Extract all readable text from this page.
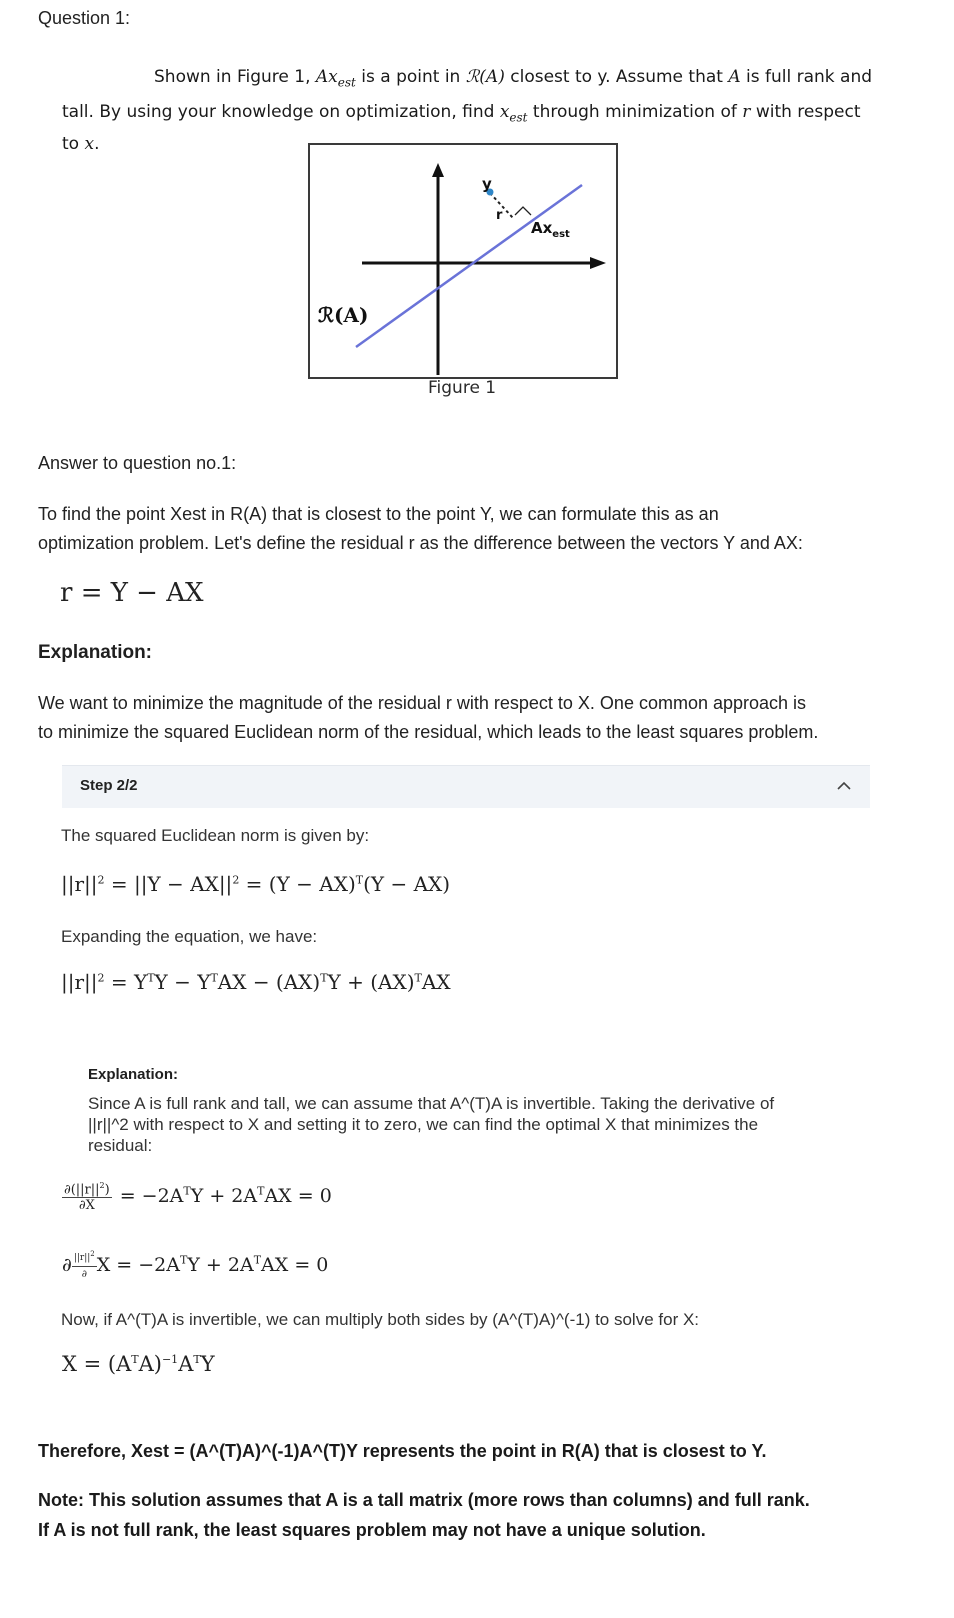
Question 1:
Shown in Figure 1, $Ax_{est}$ is a point in ℛ(A) closest to y. Assume that A is full rank and
tall. By using your knowledge on optimization, find $x_{est}$ through minimization of r with respect
to x.
y
r
$Ax_{est}$
ℛ(A)
Figure 1
Answer to question no.1:
To find the point Xest in R(A) that is closest to the point Y, we can formulate this as an
optimization problem. Let's define the residual r as the difference between the vectors Y and AX:
r = Y − AX
Explanation:
We want to minimize the magnitude of the residual r with respect to X. One common approach is
to minimize the squared Euclidean norm of the residual, which leads to the least squares problem.
Step 2/2
The squared Euclidean norm is given by:
$||r||^2 = ||Y - AX||^2 = (Y - AX)^T(Y - AX)$
Expanding the equation, we have:
$||r||^2 = Y^TY - Y^TAX - (AX)^TY + (AX)^TAX$
Explanation:
Since A is full rank and tall, we can assume that A^(T)A is invertible. Taking the derivative of
||r||^2 with respect to X and setting it to zero, we can find the optimal X that minimizes the
residual:
$\frac{\partial(||r||^2)}{\partial X} = -2A^TY + 2A^TAX = 0$
∂ $\frac{||r||^2}{\partial}$ $X = -2A^TY + 2A^TAX = 0$
Now, if A^(T)A is invertible, we can multiply both sides by (A^(T)A)^(-1) to solve for X:
$X = (A^TA)^{-1}A^TY$
Therefore, Xest = (A^(T)A)^(-1)A^(T)Y represents the point in R(A) that is closest to Y.
Note: This solution assumes that A is a tall matrix (more rows than columns) and full rank.
If A is not full rank, the least squares problem may not have a unique solution.
